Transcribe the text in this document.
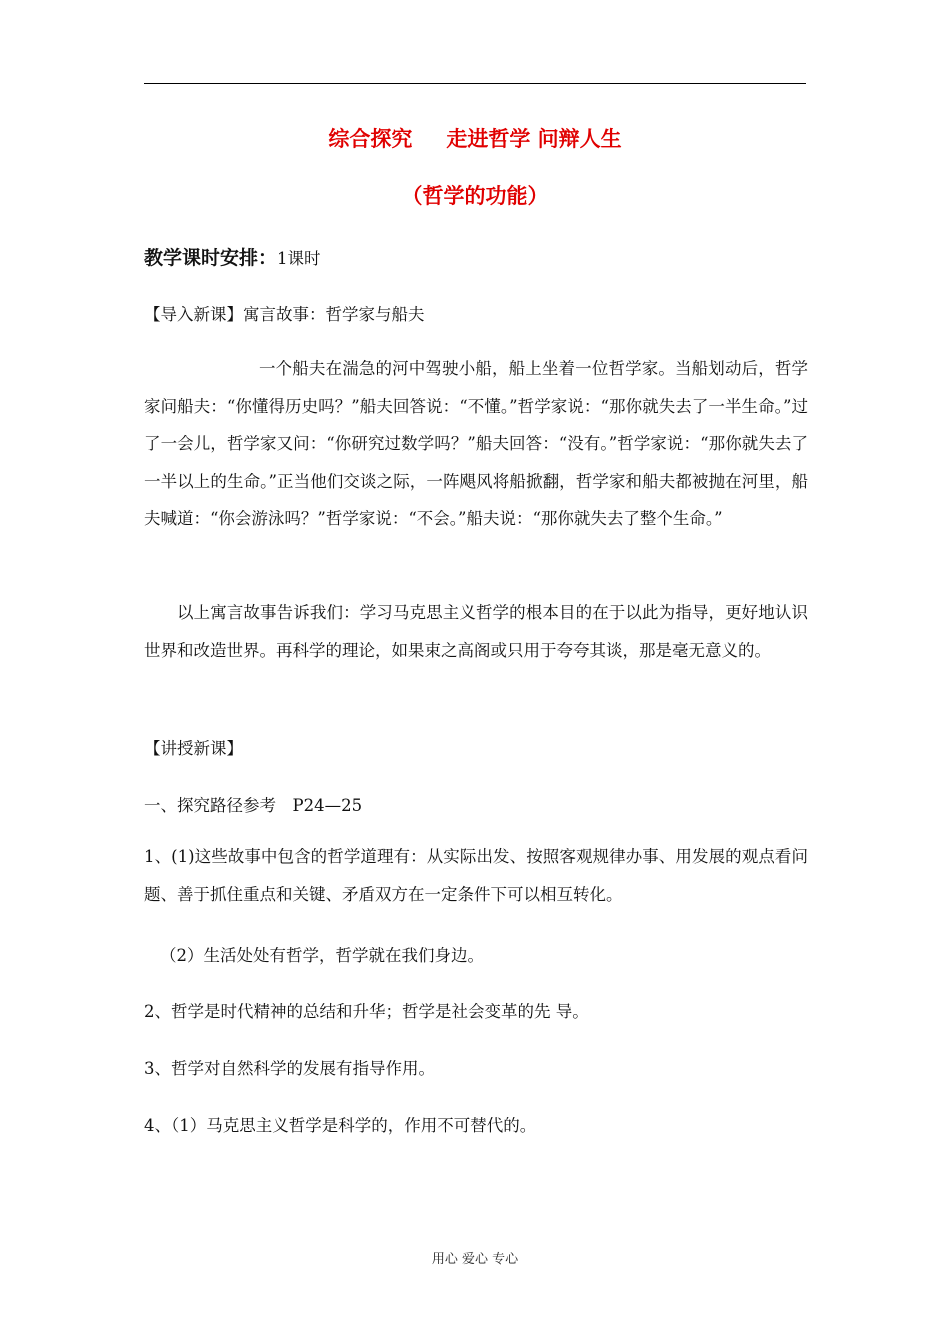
综合探究 走进哲学 问辩人生
（哲学的功能）
教学课时安排：1课时
【导入新课】寓言故事：哲学家与船夫
一个船夫在湍急的河中驾驶小船，船上坐着一位哲学家。当船划动后，哲学家问船夫：“你懂得历史吗？”船夫回答说：“不懂。”哲学家说：“那你就失去了一半生命。”过了一会儿，哲学家又问：“你研究过数学吗？”船夫回答：“没有。”哲学家说：“那你就失去了一半以上的生命。”正当他们交谈之际，一阵飓风将船掀翻，哲学家和船夫都被抛在河里，船夫喊道：“你会游泳吗？”哲学家说：“不会。”船夫说：“那你就失去了整个生命。”
以上寓言故事告诉我们：学习马克思主义哲学的根本目的在于以此为指导，更好地认识世界和改造世界。再科学的理论，如果束之高阁或只用于夸夸其谈，那是毫无意义的。
【讲授新课】
一、探究路径参考　P24—25
1、(1)这些故事中包含的哲学道理有：从实际出发、按照客观规律办事、用发展的观点看问题、善于抓住重点和关键、矛盾双方在一定条件下可以相互转化。
（2）生活处处有哲学，哲学就在我们身边。
2、哲学是时代精神的总结和升华；哲学是社会变革的先 导。
3、哲学对自然科学的发展有指导作用。
4、（1）马克思主义哲学是科学的，作用不可替代的。
用心 爱心 专心
